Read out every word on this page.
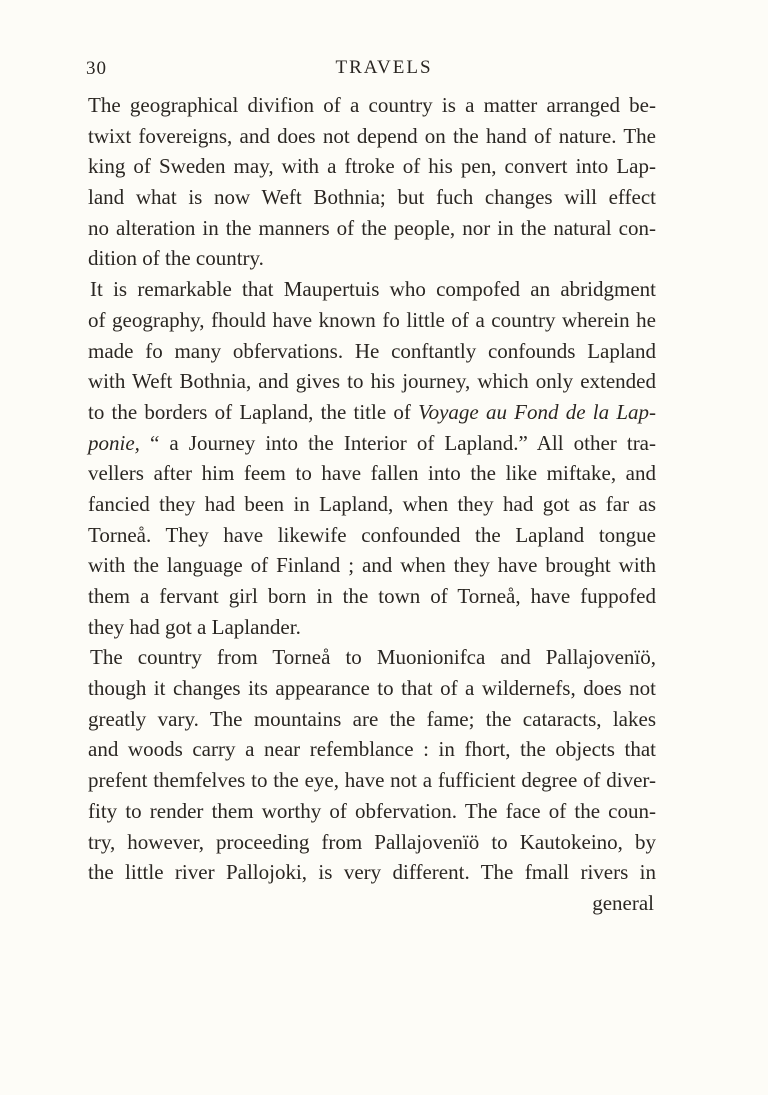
30	TRAVELS
The geographical divifion of a country is a matter arranged be-
twixt fovereigns, and does not depend on the hand of nature. The
king of Sweden may, with a ftroke of his pen, convert into Lap-
land what is now Weft Bothnia; but fuch changes will effect
no alteration in the manners of the people, nor in the natural con-
dition of the country.
It is remarkable that Maupertuis who compofed an abridgment
of geography, fhould have known fo little of a country wherein he
made fo many obfervations. He conftantly confounds Lapland
with Weft Bothnia, and gives to his journey, which only extended
to the borders of Lapland, the title of Voyage au Fond de la Lap-
ponie, “ a Journey into the Interior of Lapland.” All other tra-
vellers after him feem to have fallen into the like miftake, and
fancied they had been in Lapland, when they had got as far as
Torneå. They have likewife confounded the Lapland tongue
with the language of Finland ; and when they have brought with
them a fervant girl born in the town of Torneå, have fuppofed
they had got a Laplander.
The country from Torneå to Muonionifca and Pallajovenïö,
though it changes its appearance to that of a wildernefs, does not
greatly vary. The mountains are the fame; the cataracts, lakes
and woods carry a near refemblance : in fhort, the objects that
prefent themfelves to the eye, have not a fufficient degree of diver-
fity to render them worthy of obfervation. The face of the coun-
try, however, proceeding from Pallajovenïö to Kautokeino, by
the little river Pallojoki, is very different. The fmall rivers in
general
